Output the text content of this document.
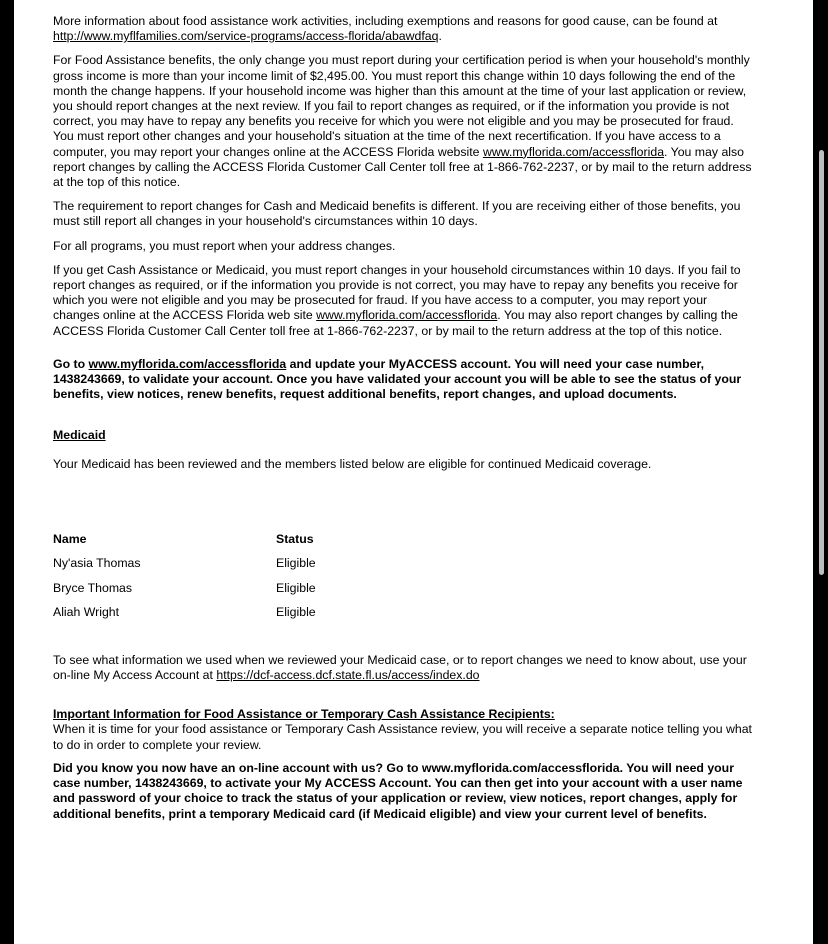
More information about food assistance work activities, including exemptions and reasons for good cause, can be found at http://www.myflfamilies.com/service-programs/access-florida/abawdfaq.

For Food Assistance benefits, the only change you must report during your certification period is when your household's monthly gross income is more than your income limit of $2,495.00. You must report this change within 10 days following the end of the month the change happens. If your household income was higher than this amount at the time of your last application or review, you should report changes at the next review. If you fail to report changes as required, or if the information you provide is not correct, you may have to repay any benefits you receive for which you were not eligible and you may be prosecuted for fraud. You must report other changes and your household's situation at the time of the next recertification. If you have access to a computer, you may report your changes online at the ACCESS Florida website www.myflorida.com/accessflorida. You may also report changes by calling the ACCESS Florida Customer Call Center toll free at 1-866-762-2237, or by mail to the return address at the top of this notice.

The requirement to report changes for Cash and Medicaid benefits is different. If you are receiving either of those benefits, you must still report all changes in your household's circumstances within 10 days.

For all programs, you must report when your address changes.

If you get Cash Assistance or Medicaid, you must report changes in your household circumstances within 10 days. If you fail to report changes as required, or if the information you provide is not correct, you may have to repay any benefits you receive for which you were not eligible and you may be prosecuted for fraud. If you have access to a computer, you may report your changes online at the ACCESS Florida web site www.myflorida.com/accessflorida. You may also report changes by calling the ACCESS Florida Customer Call Center toll free at 1-866-762-2237, or by mail to the return address at the top of this notice.

Go to www.myflorida.com/accessflorida and update your MyACCESS account. You will need your case number, 1438243669, to validate your account. Once you have validated your account you will be able to see the status of your benefits, view notices, renew benefits, request additional benefits, report changes, and upload documents.

Medicaid

Your Medicaid has been reviewed and the members listed below are eligible for continued Medicaid coverage.

Name	Status
Ny'asia Thomas	Eligible
Bryce Thomas	Eligible
Aliah Wright	Eligible

To see what information we used when we reviewed your Medicaid case, or to report changes we need to know about, use your on-line My Access Account at https://dcf-access.dcf.state.fl.us/access/index.do

Important Information for Food Assistance or Temporary Cash Assistance Recipients:

When it is time for your food assistance or Temporary Cash Assistance review, you will receive a separate notice telling you what to do in order to complete your review.

Did you know you now have an on-line account with us? Go to www.myflorida.com/accessflorida. You will need your case number, 1438243669, to activate your My ACCESS Account. You can then get into your account with a user name and password of your choice to track the status of your application or review, view notices, report changes, apply for additional benefits, print a temporary Medicaid card (if Medicaid eligible) and view your current level of benefits.
